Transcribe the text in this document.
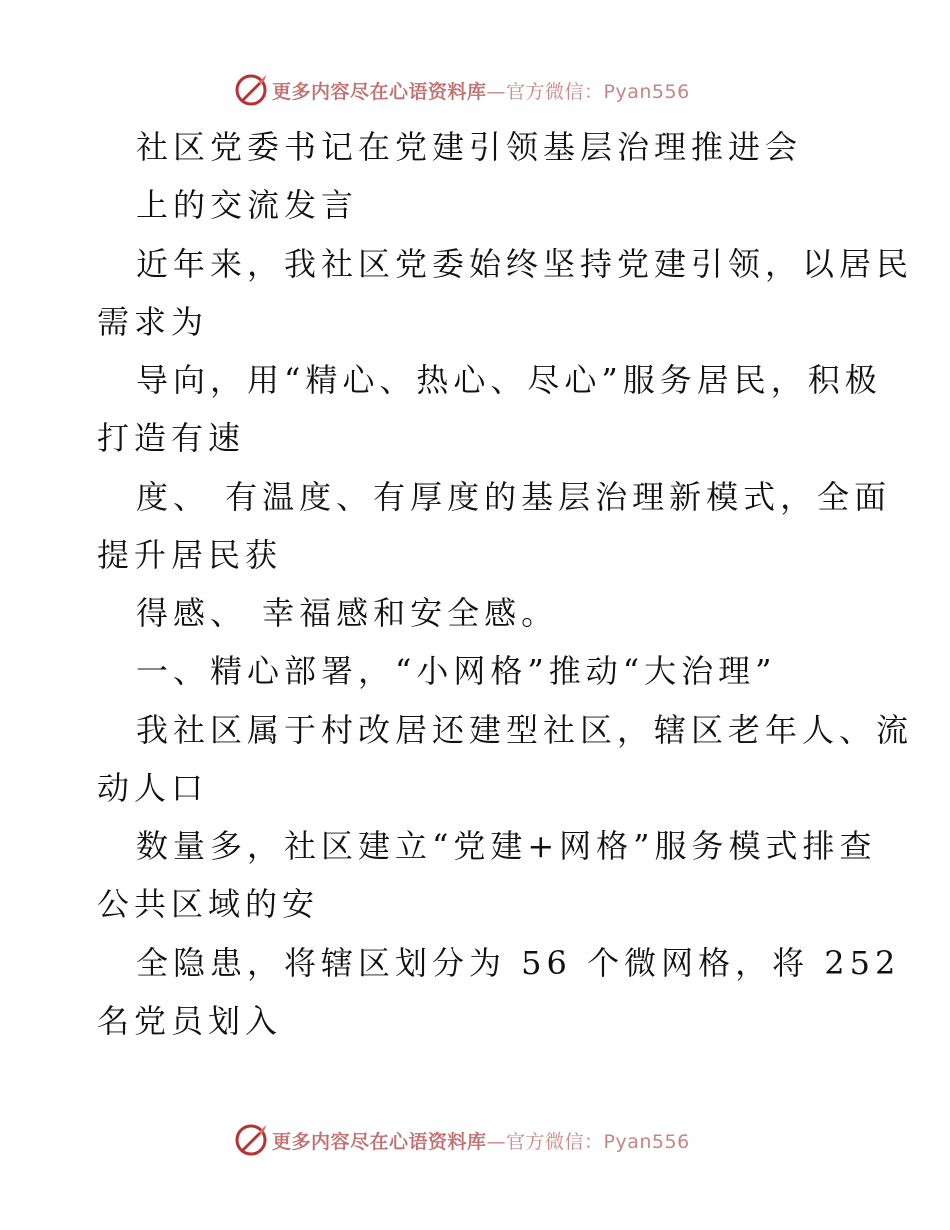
更多内容尽在心语资料库—官方微信：Pyan556
社区党委书记在党建引领基层治理推进会
上的交流发言
近年来，我社区党委始终坚持党建引领，以居民
需求为
导向，用“精心、热心、尽心”服务居民，积极
打造有速
度、 有温度、有厚度的基层治理新模式，全面
提升居民获
得感、 幸福感和安全感。
一、精心部署，“小网格”推动“大治理”
我社区属于村改居还建型社区，辖区老年人、流
动人口
数量多，社区建立“党建+网格”服务模式排查
公共区域的安
全隐患，将辖区划分为 56 个微网格，将 252
名党员划入
更多内容尽在心语资料库—官方微信：Pyan556
